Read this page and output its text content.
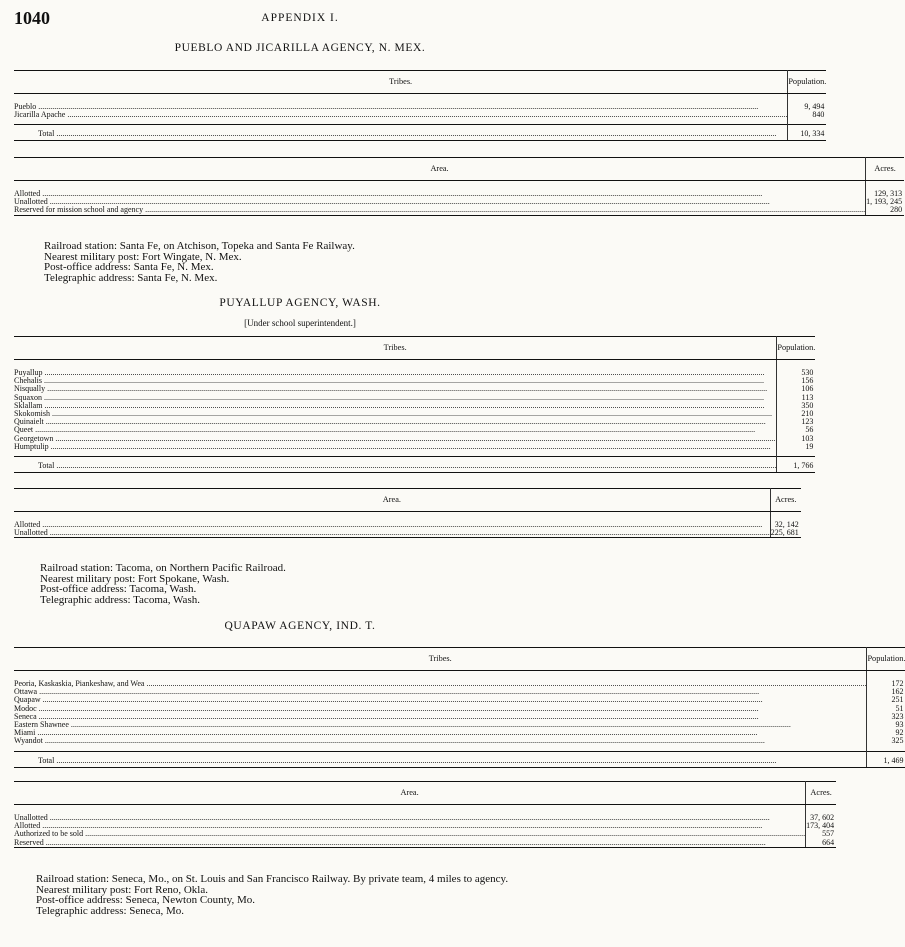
1040	APPENDIX I.
PUEBLO AND JICARILLA AGENCY, N. MEX.
Tribes.	Population.

Pueblo .....	9, 494
Jicarilla Apache .....	840

Total .....	10, 334
Area.	Acres.

Allotted .....	129, 313
Unallotted .....	1, 193, 245
Reserved for mission school and agency .....	280
Railroad station: Santa Fe, on Atchison, Topeka and Santa Fe Railway.
Nearest military post: Fort Wingate, N. Mex.
Post-office address: Santa Fe, N. Mex.
Telegraphic address: Santa Fe, N. Mex.
PUYALLUP AGENCY, WASH.
[Under school superintendent.]
Tribes.	Population.

Puyallup .....	530
Chehalis .....	156
Nisqually .....	106
Squaxon .....	113
Sklallam .....	350
Skokomish .....	210
Quinaielt .....	123
Queet .....	56
Georgetown .....	103
Humptulip .....	19

Total .....	1, 766
Area.	Acres.

Allotted .....	32, 142
Unallotted .....	225, 681
Railroad station: Tacoma, on Northern Pacific Railroad.
Nearest military post: Fort Spokane, Wash.
Post-office address: Tacoma, Wash.
Telegraphic address: Tacoma, Wash.
QUAPAW AGENCY, IND. T.
Tribes.	Population.

Peoria, Kaskaskia, Piankeshaw, and Wea .....	172
Ottawa .....	162
Quapaw .....	251
Modoc .....	51
Seneca .....	323
Eastern Shawnee .....	93
Miami .....	92
Wyandot .....	325

Total .....	1, 469
Area.	Acres.

Unallotted .....	37, 602
Allotted .....	173, 404
Authorized to be sold .....	557
Reserved .....	664
Railroad station: Seneca, Mo., on St. Louis and San Francisco Railway. By private team, 4 miles to agency.
Nearest military post: Fort Reno, Okla.
Post-office address: Seneca, Newton County, Mo.
Telegraphic address: Seneca, Mo.
